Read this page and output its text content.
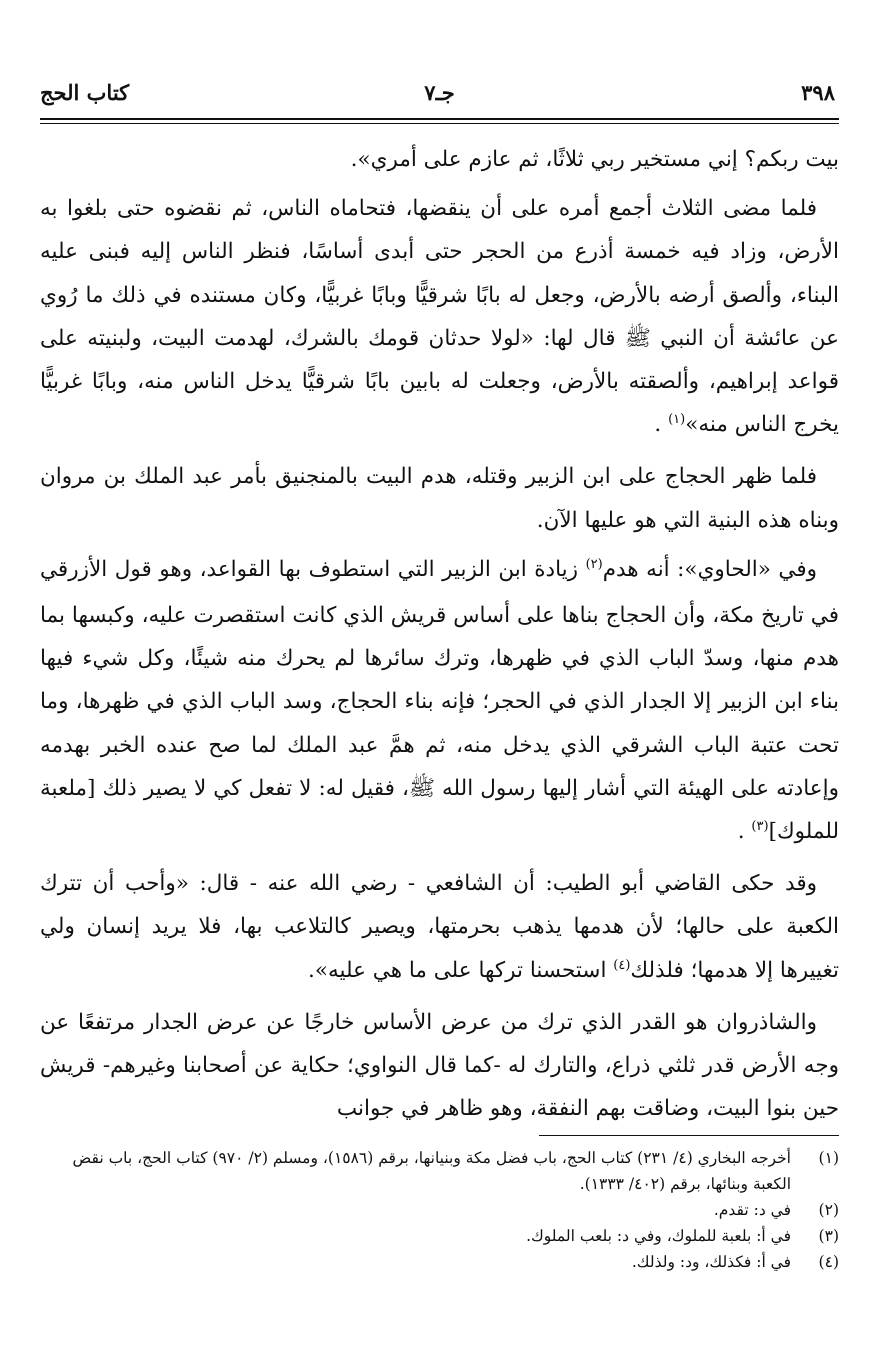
٣٩٨
جـ٧
كتاب الحج

بيت ربكم؟ إني مستخير ربي ثلاثًا، ثم عازم على أمري».

فلما مضى الثلاث أجمع أمره على أن ينقضها، فتحاماه الناس، ثم نقضوه حتى بلغوا به الأرض، وزاد فيه خمسة أذرع من الحجر حتى أبدى أساسًا، فنظر الناس إليه فبنى عليه البناء، وألصق أرضه بالأرض، وجعل له بابًا شرقيًّا وبابًا غربيًّا، وكان مستنده في ذلك ما رُوي عن عائشة أن النبي ﷺ قال لها: «لولا حدثان قومك بالشرك، لهدمت البيت، ولبنيته على قواعد إبراهيم، وألصقته بالأرض، وجعلت له بابين بابًا شرقيًّا يدخل الناس منه، وبابًا غربيًّا يخرج الناس منه»$^{(١)}$ .

فلما ظهر الحجاج على ابن الزبير وقتله، هدم البيت بالمنجنيق بأمر عبد الملك بن مروان وبناه هذه البنية التي هو عليها الآن.

وفي «الحاوي»: أنه هدم$^{(٢)}$ زيادة ابن الزبير التي استطوف بها القواعد، وهو قول الأزرقي في تاريخ مكة، وأن الحجاج بناها على أساس قريش الذي كانت استقصرت عليه، وكبسها بما هدم منها، وسدّ الباب الذي في ظهرها، وترك سائرها لم يحرك منه شيئًا، وكل شيء فيها بناء ابن الزبير إلا الجدار الذي في الحجر؛ فإنه بناء الحجاج، وسد الباب الذي في ظهرها، وما تحت عتبة الباب الشرقي الذي يدخل منه، ثم همَّ عبد الملك لما صح عنده الخبر بهدمه وإعادته على الهيئة التي أشار إليها رسول الله ﷺ، فقيل له: لا تفعل كي لا يصير ذلك [ملعبة للملوك]$^{(٣)}$ .

وقد حكى القاضي أبو الطيب: أن الشافعي - رضي الله عنه - قال: «وأحب أن تترك الكعبة على حالها؛ لأن هدمها يذهب بحرمتها، ويصير كالتلاعب بها، فلا يريد إنسان ولي تغييرها إلا هدمها؛ فلذلك$^{(٤)}$ استحسنا تركها على ما هي عليه».

والشاذروان هو القدر الذي ترك من عرض الأساس خارجًا عن عرض الجدار مرتفعًا عن وجه الأرض قدر ثلثي ذراع، والتارك له -كما قال النواوي؛ حكاية عن أصحابنا وغيرهم- قريش حين بنوا البيت، وضاقت بهم النفقة، وهو ظاهر في جوانب

(١)
أخرجه البخاري (٤/ ٢٣١) كتاب الحج، باب فضل مكة وبنيانها، برقم (١٥٨٦)، ومسلم (٢/ ٩٧٠) كتاب الحج، باب نقض الكعبة وبنائها، برقم (٤٠٢/ ١٣٣٣).
(٢)
في د: تقدم.
(٣)
في أ: بلعبة للملوك، وفي د: بلعب الملوك.
(٤)
في أ: فكذلك، ود: ولذلك.
